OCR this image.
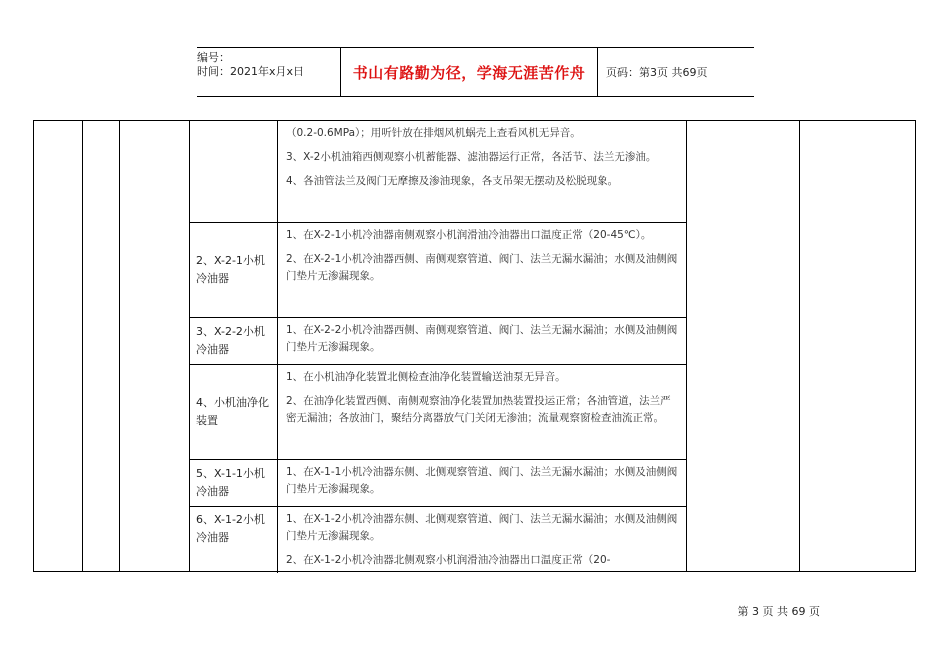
编号：
时间：2021年x月x日	书山有路勤为径，学海无涯苦作舟	页码：第3页 共69页

（0.2-0.6MPa）；用听针放在排烟风机蜗壳上查看风机无异音。

3、X-2小机油箱西侧观察小机蓄能器、滤油器运行正常，各活节、法兰无渗油。

4、各油管法兰及阀门无摩擦及渗油现象，各支吊架无摆动及松脱现象。

2、X-2-1小机冷油器

1、在X-2-1小机冷油器南侧观察小机润滑油冷油器出口温度正常（20-45℃）。

2、在X-2-1小机冷油器西侧、南侧观察管道、阀门、法兰无漏水漏油；水侧及油侧阀门垫片无渗漏现象。

3、X-2-2小机冷油器

1、在X-2-2小机冷油器西侧、南侧观察管道、阀门、法兰无漏水漏油；水侧及油侧阀门垫片无渗漏现象。

4、小机油净化装置

1、在小机油净化装置北侧检查油净化装置输送油泵无异音。

2、在油净化装置西侧、南侧观察油净化装置加热装置投运正常；各油管道，法兰严密无漏油；各放油门，聚结分离器放气门关闭无渗油；流量观察窗检查油流正常。

5、X-1-1小机冷油器

1、在X-1-1小机冷油器东侧、北侧观察管道、阀门、法兰无漏水漏油；水侧及油侧阀门垫片无渗漏现象。

6、X-1-2小机冷油器

1、在X-1-2小机冷油器东侧、北侧观察管道、阀门、法兰无漏水漏油；水侧及油侧阀门垫片无渗漏现象。

2、在X-1-2小机冷油器北侧观察小机润滑油冷油器出口温度正常（20-

第 3 页 共 69 页
